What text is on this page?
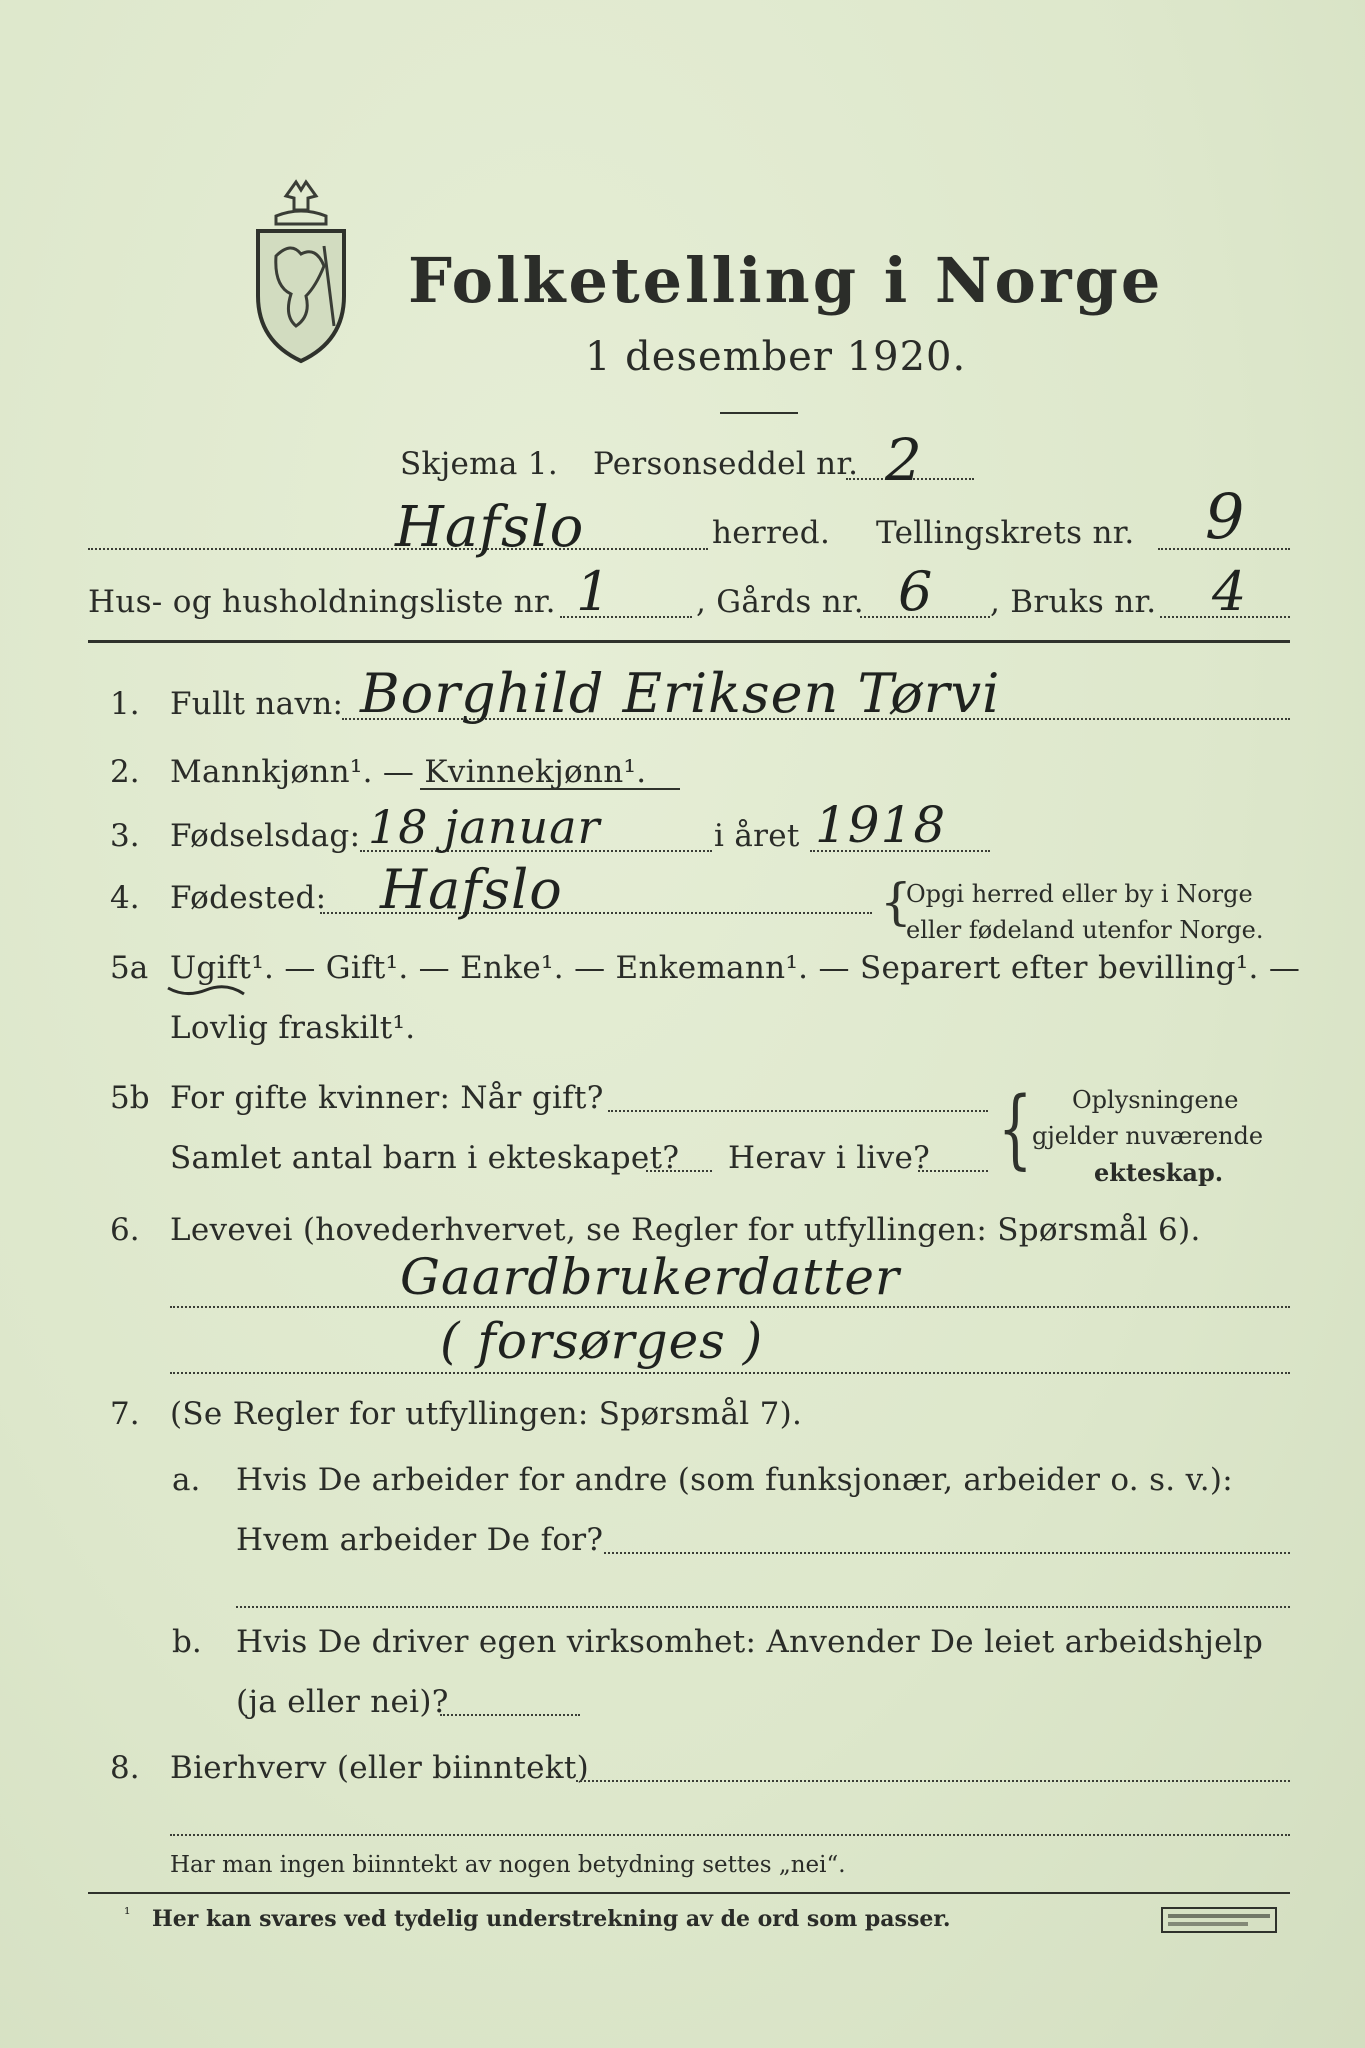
Folketelling i Norge
1 desember 1920.
Skjema 1. Personseddel nr. 2
Hafslo	herred. Tellingskrets nr. 9
Hus- og husholdningsliste nr. 1	, Gårds nr. 6 , Bruks nr. 4
1. Fullt navn: Borghild Eriksen Tørvi
2. Mannkjønn¹. — Kvinnekjønn¹.
3. Fødselsdag: 18 januar	i året 1918
4. Fødested: Hafslo	{
Opgi herred eller by i Norge
eller fødeland utenfor Norge.
5a Ugift¹. — Gift¹. — Enke¹. — Enkemann¹. — Separert efter bevilling¹. —
Lovlig fraskilt¹.
5b For gifte kvinner: Når gift?
Samlet antal barn i ekteskapet? Herav i live? { Oplysningene
gjelder nuværende
ekteskap.
6. Levevei (hovederhvervet, se Regler for utfyllingen: Spørsmål 6).
Gaardbrukerdatter
( forsørges )
7. (Se Regler for utfyllingen: Spørsmål 7).
a. Hvis De arbeider for andre (som funksjonær, arbeider o. s. v.):
Hvem arbeider De for?
b. Hvis De driver egen virksomhet: Anvender De leiet arbeidshjelp
(ja eller nei)?
8. Bierhverv (eller biinntekt)
Har man ingen biinntekt av nogen betydning settes „nei“.
¹ Her kan svares ved tydelig understrekning av de ord som passer.
